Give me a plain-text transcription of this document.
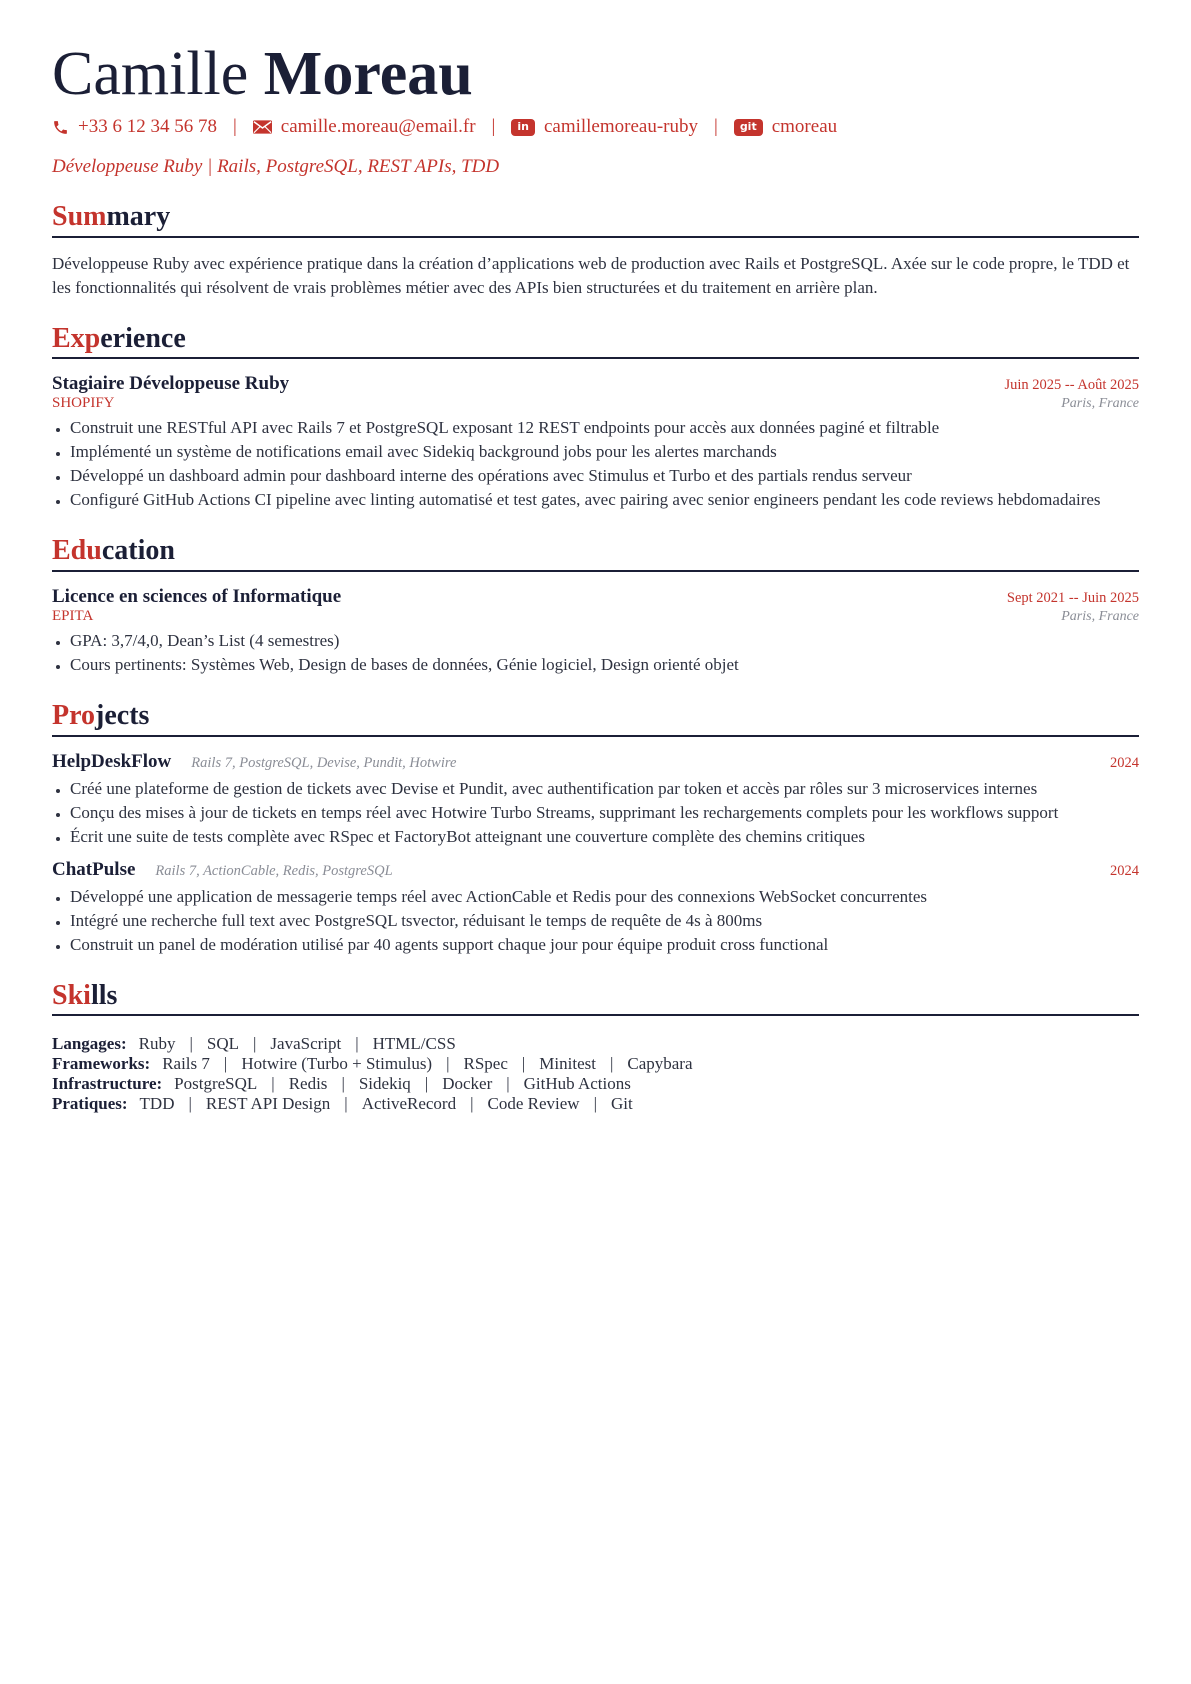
Camille Moreau
+33 6 12 34 56 78 | camille.moreau@email.fr |	in camillemoreau-ruby |	git cmoreau
Développeuse Ruby | Rails, PostgreSQL, REST APIs, TDD
Summary

Développeuse Ruby avec expérience pratique dans la création d’applications web de production avec Rails et PostgreSQL. Axée sur le code propre, le TDD et les fonctionnalités qui résolvent de vrais problèmes métier avec des APIs bien structurées et du traitement en arrière plan.

Experience
Stagiaire Développeuse Ruby	Juin 2025 -- Août 2025
SHOPIFY	Paris, France
• Construit une RESTful API avec Rails 7 et PostgreSQL exposant 12 REST endpoints pour accès aux données paginé et filtrable
• Implémenté un système de notifications email avec Sidekiq background jobs pour les alertes marchands
• Développé un dashboard admin pour dashboard interne des opérations avec Stimulus et Turbo et des partials rendus serveur
• Configuré GitHub Actions CI pipeline avec linting automatisé et test gates, avec pairing avec senior engineers pendant les code reviews hebdomadaires
Education
Licence en sciences of Informatique	Sept 2021 -- Juin 2025
EPITA	Paris, France
• GPA: 3,7/4,0, Dean’s List (4 semestres)
• Cours pertinents: Systèmes Web, Design de bases de données, Génie logiciel, Design orienté objet
Projects
HelpDeskFlow Rails 7, PostgreSQL, Devise, Pundit, Hotwire	2024
• Créé une plateforme de gestion de tickets avec Devise et Pundit, avec authentification par token et accès par rôles sur 3 microservices internes
• Conçu des mises à jour de tickets en temps réel avec Hotwire Turbo Streams, supprimant les rechargements complets pour les workflows support
• Écrit une suite de tests complète avec RSpec et FactoryBot atteignant une couverture complète des chemins critiques
ChatPulse Rails 7, ActionCable, Redis, PostgreSQL	2024
• Développé une application de messagerie temps réel avec ActionCable et Redis pour des connexions WebSocket concurrentes
• Intégré une recherche full text avec PostgreSQL tsvector, réduisant le temps de requête de 4s à 800ms
• Construit un panel de modération utilisé par 40 agents support chaque jour pour équipe produit cross functional
Skills
Langages: Ruby | SQL | JavaScript | HTML/CSS
Frameworks: Rails 7 | Hotwire (Turbo + Stimulus) | RSpec | Minitest | Capybara
Infrastructure: PostgreSQL | Redis | Sidekiq | Docker | GitHub Actions
Pratiques: TDD | REST API Design | ActiveRecord | Code Review | Git
